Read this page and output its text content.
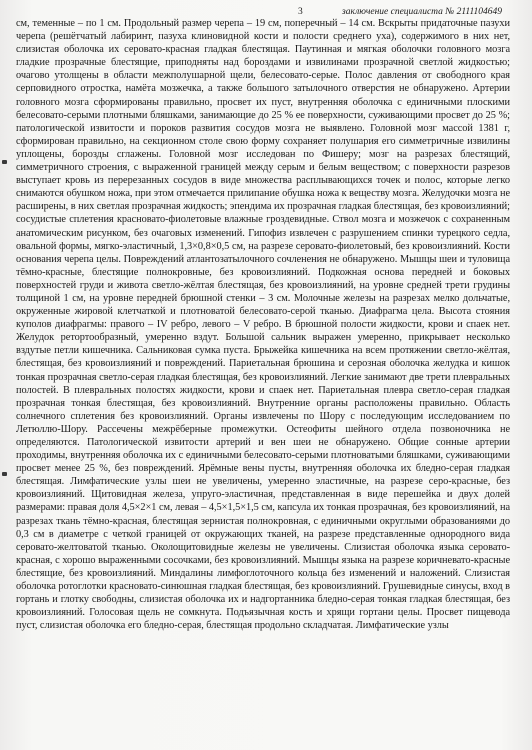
3	заключение специалиста № 2111104649

см, теменные – по 1 см. Продольный размер черепа – 19 см, поперечный – 14 см. Вскрыты придаточные пазухи черепа (решётчатый лабиринт, пазуха клиновидной кости и полости среднего уха), содержимого в них нет, слизистая оболочка их серовато-красная гладкая блестящая. Паутинная и мягкая оболочки головного мозга гладкие прозрачные блестящие, приподняты над бороздами и извилинами прозрачной светлой жидкостью; очагово утолщены в области межполушарной щели, белесовато-серые. Полос давления от свободного края серповидного отростка, намёта мозжечка, а также большого затылочного отверстия не обнаружено. Артерии головного мозга сформированы правильно, просвет их пуст, внутренняя оболочка с единичными плоскими белесовато-серыми плотными бляшками, занимающие до 25 % ее поверхности, суживающими просвет до 25 %; патологической извитости и пороков развития сосудов мозга не выявлено. Головной мозг массой 1381 г, сформирован правильно, на секционном столе свою форму сохраняет полушария его симметричные извилины уплощены, борозды сглажены. Головной мозг исследован по Фишеру; мозг на разрезах блестящий, симметричного строения, с выраженной границей между серым и белым веществом; с поверхности разрезов выступает кровь из перерезанных сосудов в виде множества расплывающихся точек и полос, которые легко снимаются обушком ножа, при этом отмечается прилипание обушка ножа к веществу мозга. Желудочки мозга не расширены, в них светлая прозрачная жидкость; эпендима их прозрачная гладкая блестящая, без кровоизлияний; сосудистые сплетения красновато-фиолетовые влажные гроздевидные. Ствол мозга и мозжечок с сохраненным анатомическим рисунком, без очаговых изменений. Гипофиз извлечен с разрушением спинки турецкого седла, овальной формы, мягко-эластичный, 1,3×0,8×0,5 см, на разрезе серовато-фиолетовый, без кровоизлияний. Кости основания черепа целы. Повреждений атлантозатылочного сочленения не обнаружено. Мышцы шеи и туловища тёмно-красные, блестящие полнокровные, без кровоизлияний. Подкожная основа передней и боковых поверхностей груди и живота светло-жёлтая блестящая, без кровоизлияний, на уровне средней трети грудины толщиной 1 см, на уровне передней брюшной стенки – 3 см. Молочные железы на разрезах мелко дольчатые, окруженные жировой клетчаткой и плотноватой белесовато-серой тканью. Диафрагма цела. Высота стояния куполов диафрагмы: правого – IV ребро, левого – V ребро. В брюшной полости жидкости, крови и спаек нет. Желудок ретортообразный, умеренно вздут. Большой сальник выражен умеренно, прикрывает несколько вздутые петли кишечника. Сальниковая сумка пуста. Брыжейка кишечника на всем протяжении светло-жёлтая, блестящая, без кровоизлияний и повреждений. Париетальная брюшина и серозная оболочка желудка и кишок тонкая прозрачная светло-серая гладкая блестящая, без кровоизлияний. Легкие занимают две трети плевральных полостей. В плевральных полостях жидкости, крови и спаек нет. Париетальная плевра светло-серая гладкая прозрачная тонкая блестящая, без кровоизлияний. Внутренние органы расположены правильно. Область солнечного сплетения без кровоизлияний. Органы извлечены по Шору с последующим исследованием по Летюллю-Шору. Рассечены межрёберные промежутки. Остеофиты шейного отдела позвоночника не определяются. Патологической извитости артерий и вен шеи не обнаружено. Общие сонные артерии проходимы, внутренняя оболочка их с единичными белесовато-серыми плотноватыми бляшками, суживающими просвет менее 25 %, без повреждений. Ярёмные вены пусты, внутренняя оболочка их бледно-серая гладкая блестящая. Лимфатические узлы шеи не увеличены, умеренно эластичные, на разрезе серо-красные, без кровоизлияний. Щитовидная железа, упруго-эластичная, представленная в виде перешейка и двух долей размерами: правая доля 4,5×2×1 см, левая – 4,5×1,5×1,5 см, капсула их тонкая прозрачная, без кровоизлияний, на разрезах ткань тёмно-красная, блестящая зернистая полнокровная, с единичными округлыми образованиями до 0,3 см в диаметре с четкой границей от окружающих тканей, на разрезе представленные однородного вида серовато-желтоватой тканью. Околощитовидные железы не увеличены. Слизистая оболочка языка серовато-красная, с хорошо выраженными сосочками, без кровоизлияний. Мышцы языка на разрезе коричневато-красные блестящие, без кровоизлияний. Миндалины лимфоглоточного кольца без изменений и наложений. Слизистая оболочка ротоглотки красновато-синюшная гладкая блестящая, без кровоизлияний. Грушевидные синусы, вход в гортань и глотку свободны, слизистая оболочка их и надгортанника бледно-серая тонкая гладкая блестящая, без кровоизлияний. Голосовая щель не сомкнута. Подъязычная кость и хрящи гортани целы. Просвет пищевода пуст, слизистая оболочка его бледно-серая, блестящая продольно складчатая. Лимфатические узлы
